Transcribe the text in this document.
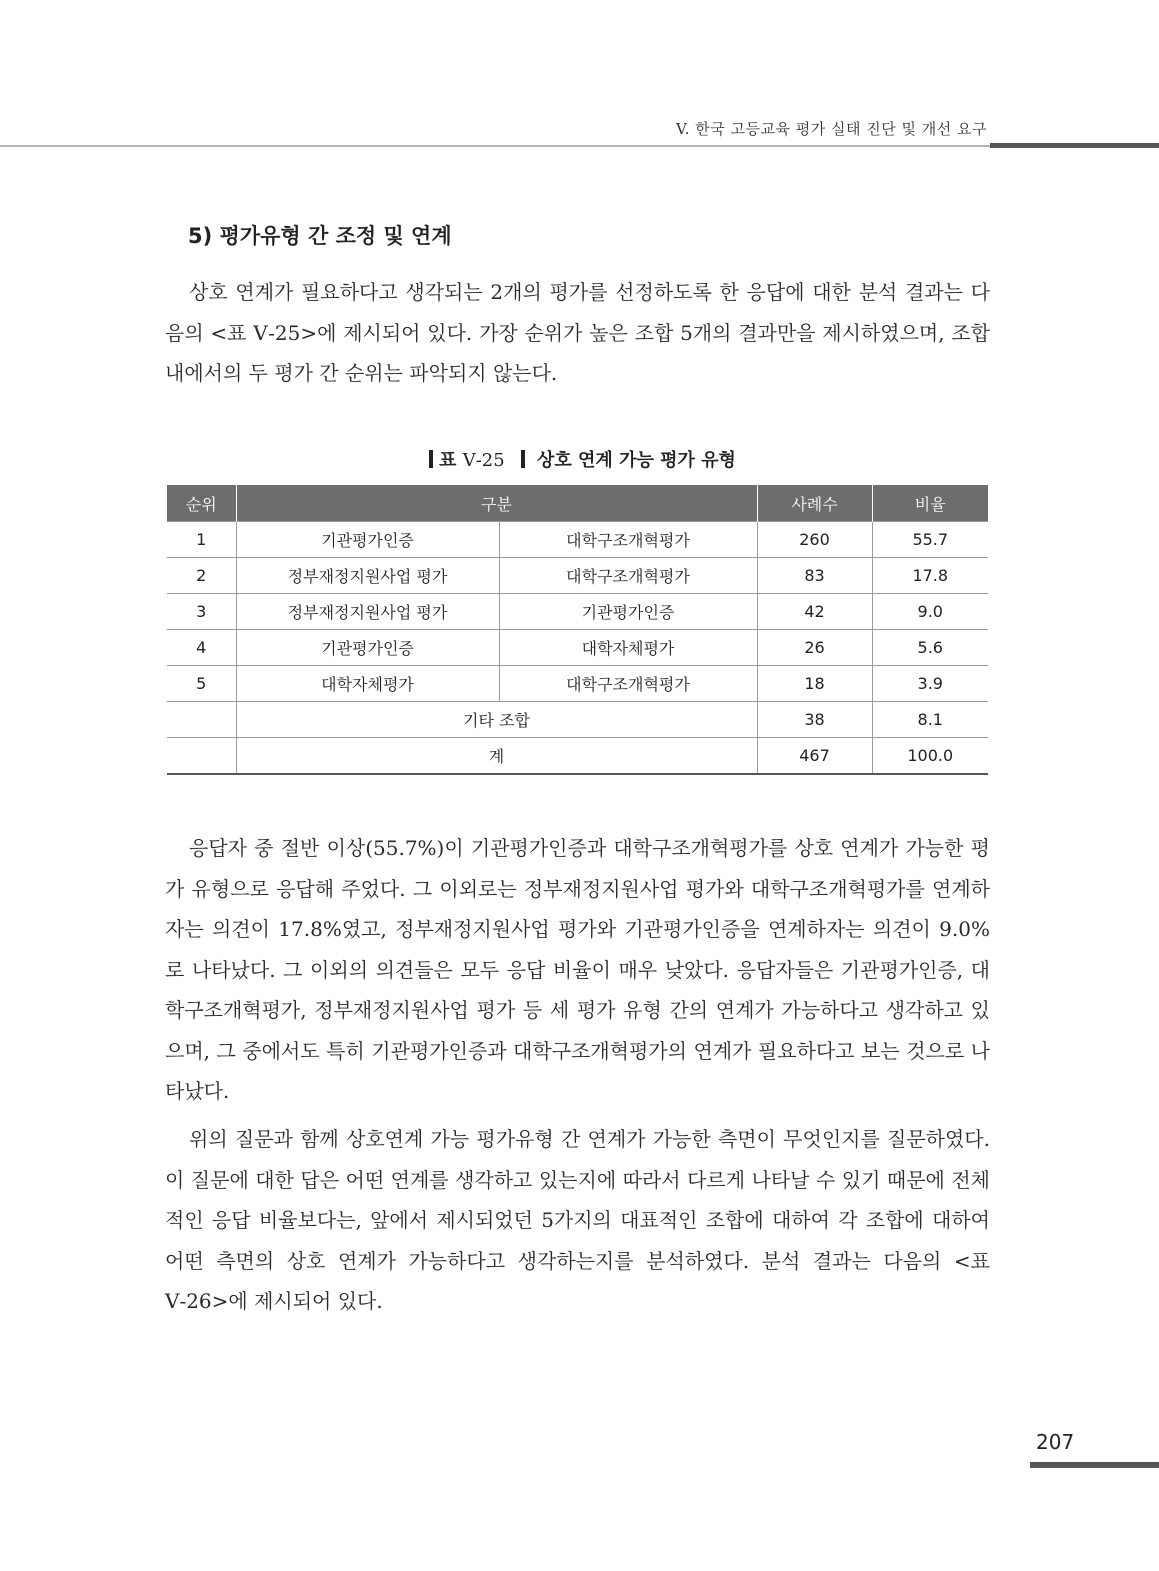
V. 한국 고등교육 평가 실태 진단 및 개선 요구
5) 평가유형 간 조정 및 연계

상호 연계가 필요하다고 생각되는 2개의 평가를 선정하도록 한 응답에 대한 분석 결과는 다음의 <표 Ⅴ-25>에 제시되어 있다. 가장 순위가 높은 조합 5개의 결과만을 제시하였으며, 조합 내에서의 두 평가 간 순위는 파악되지 않는다.

표 Ⅴ-25 상호 연계 가능 평가 유형
순위	구분		사례수	비율
1	기관평가인증	대학구조개혁평가	260	55.7
2	정부재정지원사업 평가	대학구조개혁평가	83	17.8
3	정부재정지원사업 평가	기관평가인증	42	9.0
4	기관평가인증	대학자체평가	26	5.6
5	대학자체평가	대학구조개혁평가	18	3.9
	기타 조합		38	8.1
	계		467	100.0

응답자 중 절반 이상(55.7%)이 기관평가인증과 대학구조개혁평가를 상호 연계가 가능한 평가 유형으로 응답해 주었다. 그 이외로는 정부재정지원사업 평가와 대학구조개혁평가를 연계하자는 의견이 17.8%였고, 정부재정지원사업 평가와 기관평가인증을 연계하자는 의견이 9.0%로 나타났다. 그 이외의 의견들은 모두 응답 비율이 매우 낮았다. 응답자들은 기관평가인증, 대학구조개혁평가, 정부재정지원사업 평가 등 세 평가 유형 간의 연계가 가능하다고 생각하고 있으며, 그 중에서도 특히 기관평가인증과 대학구조개혁평가의 연계가 필요하다고 보는 것으로 나타났다.

위의 질문과 함께 상호연계 가능 평가유형 간 연계가 가능한 측면이 무엇인지를 질문하였다. 이 질문에 대한 답은 어떤 연계를 생각하고 있는지에 따라서 다르게 나타날 수 있기 때문에 전체적인 응답 비율보다는, 앞에서 제시되었던 5가지의 대표적인 조합에 대하여 각 조합에 대하여 어떤 측면의 상호 연계가 가능하다고 생각하는지를 분석하였다. 분석 결과는 다음의 <표 Ⅴ-26>에 제시되어 있다.

207
